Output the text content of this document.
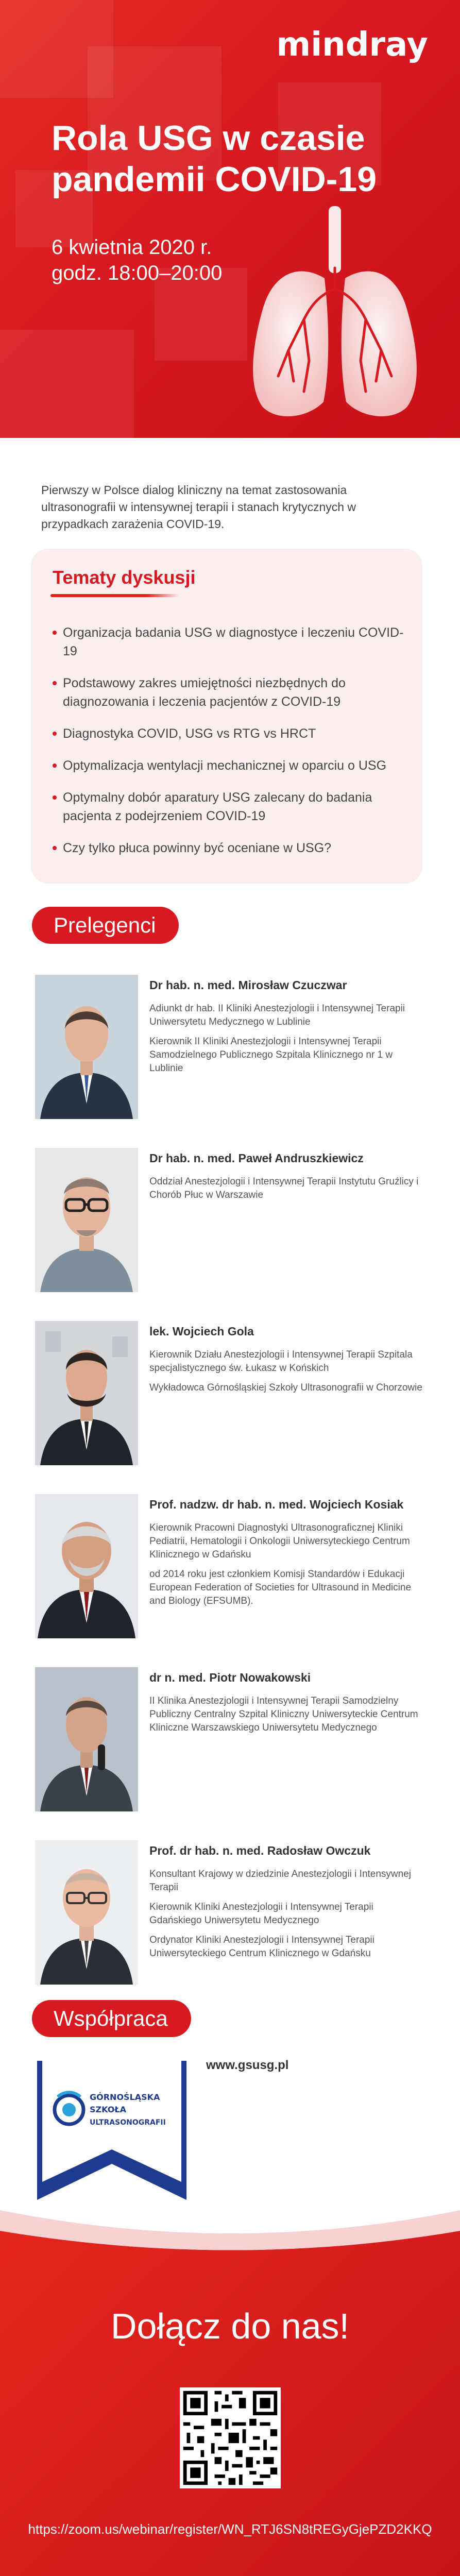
mindray
Rola USG w czasie pandemii COVID-19
6 kwietnia 2020 r.
godz. 18:00–20:00
Pierwszy w Polsce dialog kliniczny na temat zastosowania ultrasonografii w intensywnej terapii i stanach krytycznych w przypadkach zarażenia COVID-19.
Tematy dyskusji
Organizacja badania USG w diagnostyce i leczeniu COVID-19
Podstawowy zakres umiejętności niezbędnych do diagnozowania i leczenia pacjentów z COVID-19
Diagnostyka COVID, USG vs RTG vs HRCT
Optymalizacja wentylacji mechanicznej w oparciu o USG
Optymalny dobór aparatury USG zalecany do badania pacjenta z podejrzeniem COVID-19
Czy tylko płuca powinny być oceniane w USG?
Prelegenci
Dr hab. n. med. Mirosław Czuczwar
Adiunkt dr hab. II Kliniki Anestezjologii i Intensywnej Terapii Uniwersytetu Medycznego w Lublinie
Kierownik II Kliniki Anestezjologii i Intensywnej Terapii Samodzielnego Publicznego Szpitala Klinicznego nr 1 w Lublinie
Dr hab. n. med. Paweł Andruszkiewicz
Oddział Anestezjologii i Intensywnej Terapii Instytutu Gruźlicy i Chorób Płuc w Warszawie
lek. Wojciech Gola
Kierownik Działu Anestezjologii i Intensywnej Terapii Szpitala specjalistycznego św. Łukasz w Końskich
Wykładowca Górnośląskiej Szkoły Ultrasonografii w Chorzowie
Prof. nadzw. dr hab. n. med. Wojciech Kosiak
Kierownik Pracowni Diagnostyki Ultrasonograficznej Kliniki Pediatrii, Hematologii i Onkologii Uniwersyteckiego Centrum Klinicznego w Gdańsku
od 2014 roku jest członkiem Komisji Standardów i Edukacji European Federation of Societies for Ultrasound in Medicine and Biology (EFSUMB).
dr n. med. Piotr Nowakowski
II Klinika Anestezjologii i Intensywnej Terapii Samodzielny Publiczny Centralny Szpital Kliniczny Uniwersyteckie Centrum Kliniczne Warszawskiego Uniwersytetu Medycznego
Prof. dr hab. n. med. Radosław Owczuk
Konsultant Krajowy w dziedzinie Anestezjologii i Intensywnej Terapii
Kierownik Kliniki Anestezjologii i Intensywnej Terapii Gdańskiego Uniwersytetu Medycznego
Ordynator Kliniki Anestezjologii i Intensywnej Terapii Uniwersyteckiego Centrum Klinicznego w Gdańsku
Współpraca
GÓRNOŚLĄSKA
SZKOŁA
ULTRASONOGRAFII
www.gsusg.pl
Dołącz do nas!
https://zoom.us/webinar/register/WN_RTJ6SN8tREGyGjePZD2KKQ
